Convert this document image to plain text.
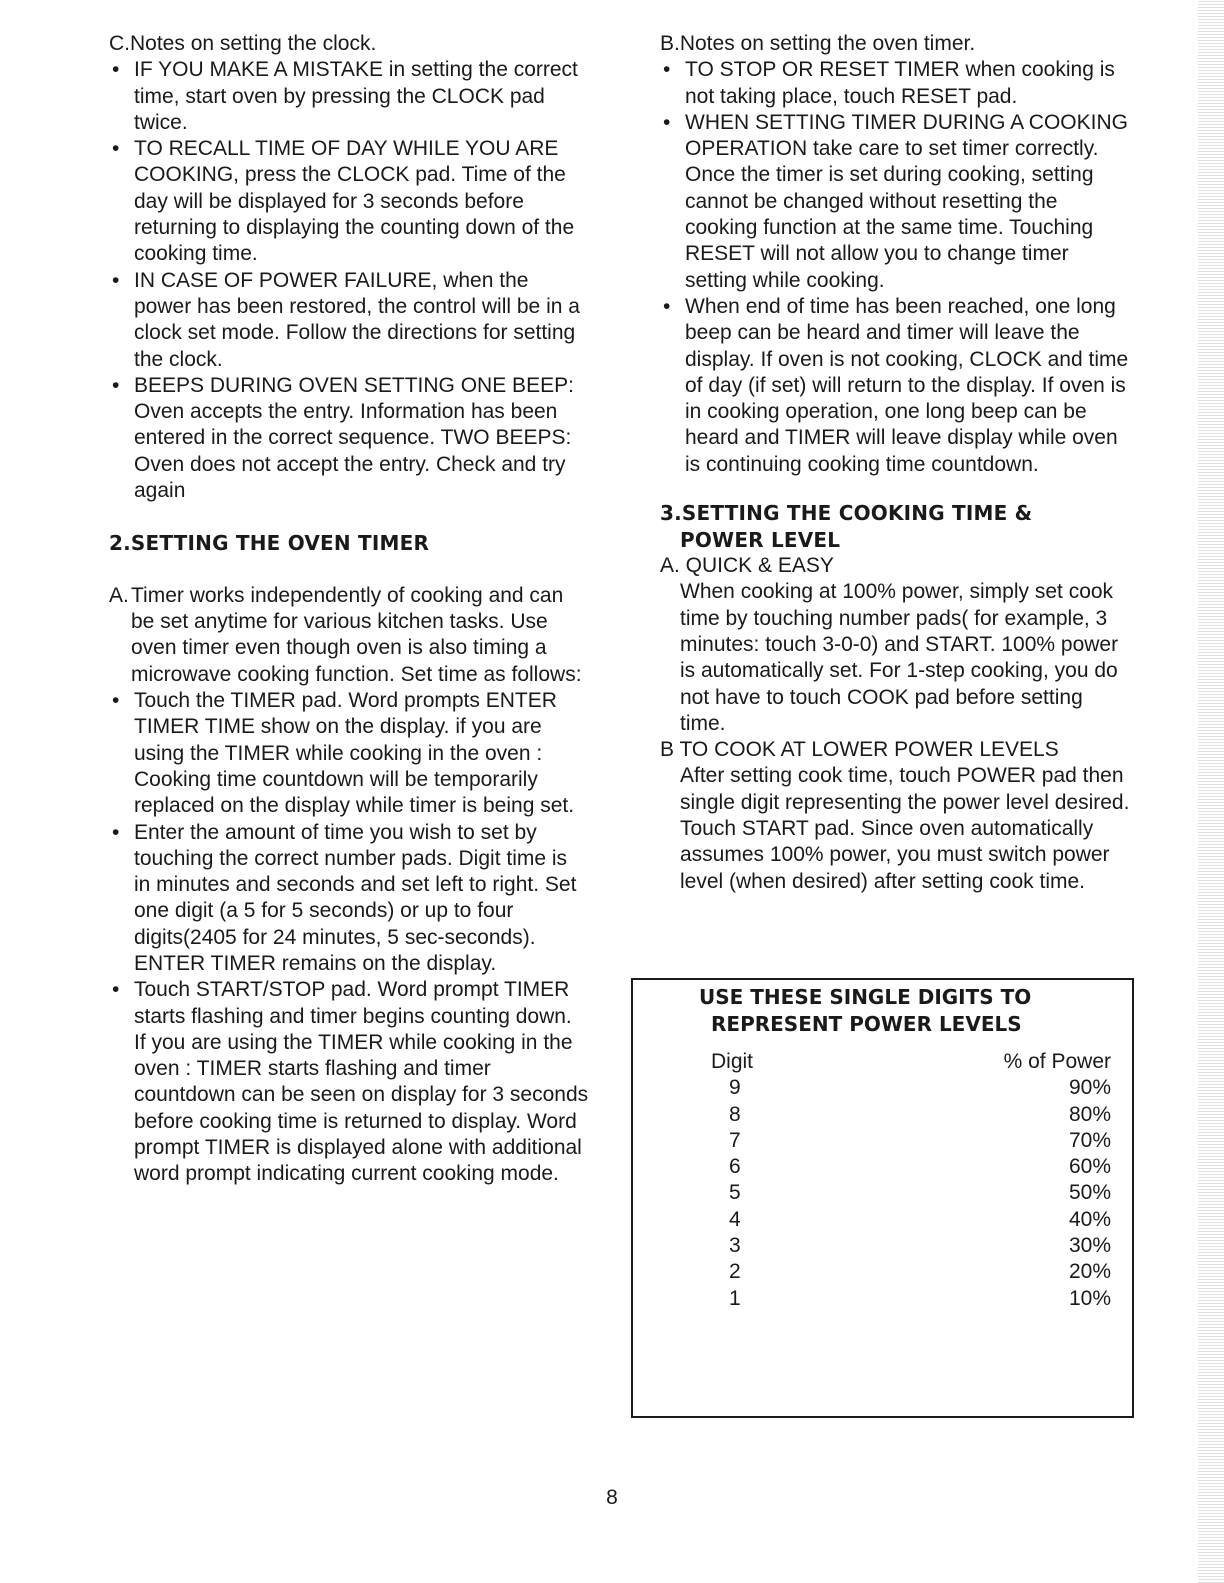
C.Notes on setting the clock.

• IF YOU MAKE A MISTAKE in setting the correct time, start oven by pressing the CLOCK pad twice.
• TO RECALL TIME OF DAY WHILE YOU ARE COOKING, press the CLOCK pad. Time of the day will be displayed for 3 seconds before returning to displaying the counting down of the cooking time.
• IN CASE OF POWER FAILURE, when the power has been restored, the control will be in a clock set mode. Follow the directions for setting the clock.
• BEEPS DURING OVEN SETTING ONE BEEP: Oven accepts the entry. Information has been entered in the correct sequence. TWO BEEPS: Oven does not accept the entry. Check and try again
2.SETTING THE OVEN TIMER
A. Timer works independently of cooking and can be set anytime for various kitchen tasks. Use oven timer even though oven is also timing a microwave cooking function. Set time as follows:
• Touch the TIMER pad. Word prompts ENTER TIMER TIME show on the display. if you are using the TIMER while cooking in the oven : Cooking time countdown will be temporarily replaced on the display while timer is being set.
• Enter the amount of time you wish to set by touching the correct number pads. Digit time is in minutes and seconds and set left to right. Set one digit (a 5 for 5 seconds) or up to four digits(2405 for 24 minutes, 5 sec-seconds). ENTER TIMER remains on the display.
• Touch START/STOP pad. Word prompt TIMER starts flashing and timer begins counting down. If you are using the TIMER while cooking in the oven : TIMER starts flashing and timer countdown can be seen on display for 3 seconds before cooking time is returned to display. Word prompt TIMER is displayed alone with additional word prompt indicating current cooking mode.

B.Notes on setting the oven timer.

• TO STOP OR RESET TIMER when cooking is not taking place, touch RESET pad.
• WHEN SETTING TIMER DURING A COOKING OPERATION take care to set timer correctly. Once the timer is set during cooking, setting cannot be changed without resetting the cooking function at the same time. Touching RESET will not allow you to change timer setting while cooking.
• When end of time has been reached, one long beep can be heard and timer will leave the display. If oven is not cooking, CLOCK and time of day (if set) will return to the display. If oven is in cooking operation, one long beep can be heard and TIMER will leave display while oven is continuing cooking time countdown.
3.SETTING THE COOKING TIME &
POWER LEVEL

A. QUICK & EASY

When cooking at 100% power, simply set cook time by touching number pads( for example, 3 minutes: touch 3-0-0) and START. 100% power is automatically set. For 1-step cooking, you do not have to touch COOK pad before setting time.

B TO COOK AT LOWER POWER LEVELS

After setting cook time, touch POWER pad then single digit representing the power level desired. Touch START pad. Since oven automatically assumes 100% power, you must switch power level (when desired) after setting cook time.

USE THESE SINGLE DIGITS TO
REPRESENT POWER LEVELS
Digit	% of Power
9	90%
8	80%
7	70%
6	60%
5	50%
4	40%
3	30%
2	20%
1	10%
8
